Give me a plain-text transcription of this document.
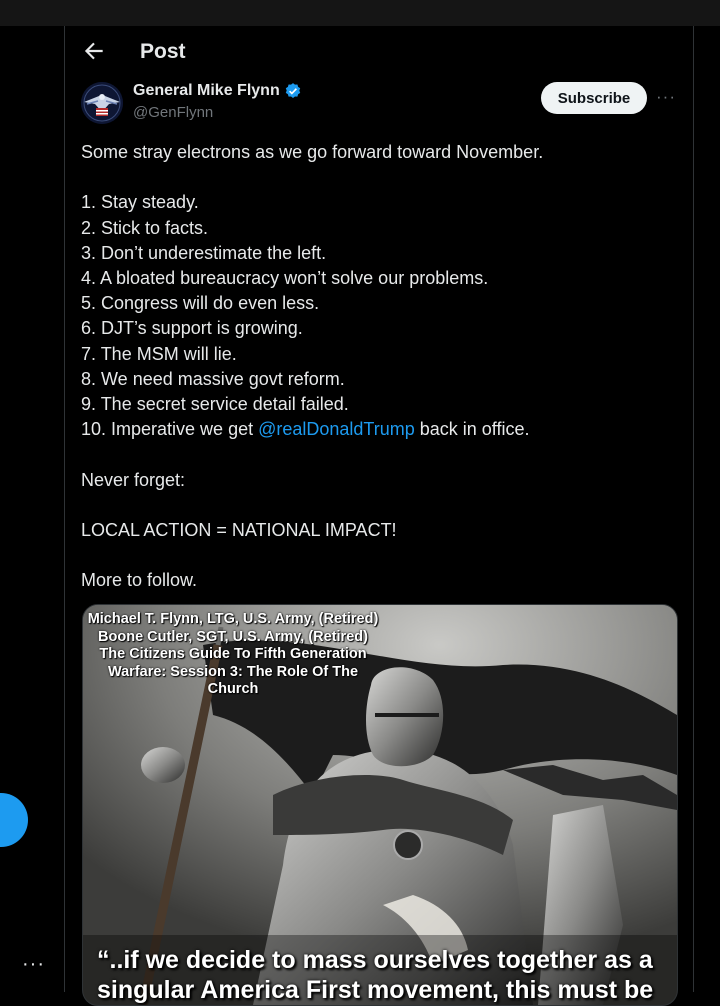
···
Post
General Mike Flynn
@GenFlynn
Subscribe	···

Some stray electrons as we go forward toward November.

1. Stay steady.

2. Stick to facts.

3. Don’t underestimate the left.

4. A bloated bureaucracy won’t solve our problems.

5. Congress will do even less.

6. DJT’s support is growing.

7. The MSM will lie.

8. We need massive govt reform.

9. The secret service detail failed.

10. Imperative we get @realDonaldTrump back in office.

Never forget:

LOCAL ACTION = NATIONAL IMPACT!

More to follow.

Michael T. Flynn, LTG, U.S. Army, (Retired)
Boone Cutler, SGT, U.S. Army, (Retired)
The Citizens Guide To Fifth Generation
Warfare: Session 3: The Role Of The
Church
“..if we decide to mass ourselves together as a
singular America First movement, this must be
